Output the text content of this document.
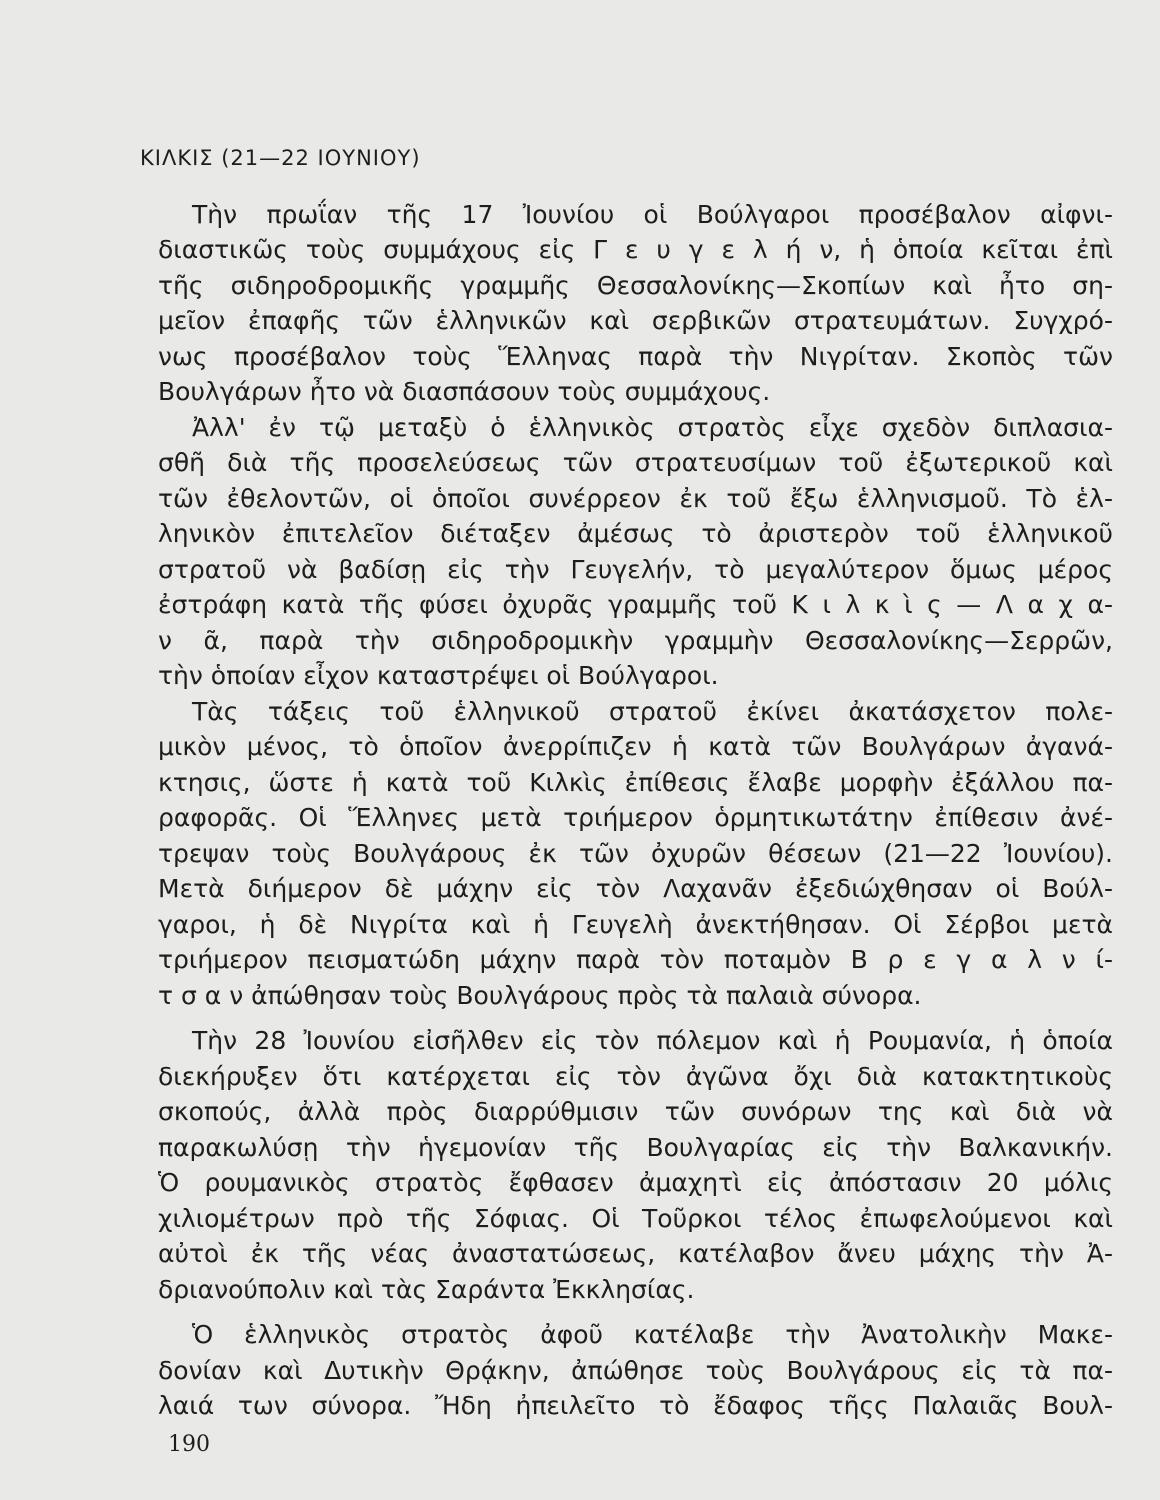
ΚΙΛΚΙΣ (21—22 ΙΟΥΝΙΟΥ)
Τὴν πρωΐαν τῆς 17 Ἰουνίου οἱ Βούλγαροι προσέβαλον αἰφνι-
διαστικῶς τοὺς συμμάχους εἰς Γ ε υ γ ε λ ή ν, ἡ ὁποία κεῖται ἐπὶ
τῆς σιδηροδρομικῆς γραμμῆς Θεσσαλονίκης—Σκοπίων καὶ ἦτο ση-
μεῖον ἐπαφῆς τῶν ἑλληνικῶν καὶ σερβικῶν στρατευμάτων. Συγχρό-
νως προσέβαλον τοὺς Ἕλληνας παρὰ τὴν Νιγρίταν. Σκοπὸς τῶν
Βουλγάρων ἦτο νὰ διασπάσουν τοὺς συμμάχους.
Ἀλλ' ἐν τῷ μεταξὺ ὁ ἑλληνικὸς στρατὸς εἶχε σχεδὸν διπλασια-
σθῆ διὰ τῆς προσελεύσεως τῶν στρατευσίμων τοῦ ἐξωτερικοῦ καὶ
τῶν ἐθελοντῶν, οἱ ὁποῖοι συνέρρεον ἐκ τοῦ ἔξω ἑλληνισμοῦ. Τὸ ἑλ-
ληνικὸν ἐπιτελεῖον διέταξεν ἀμέσως τὸ ἀριστερὸν τοῦ ἑλληνικοῦ
στρατοῦ νὰ βαδίσῃ εἰς τὴν Γευγελήν, τὸ μεγαλύτερον ὅμως μέρος
ἐστράφη κατὰ τῆς φύσει ὀχυρᾶς γραμμῆς τοῦ Κ ι λ κ ὶ ς — Λ α χ α-
ν ᾶ, παρὰ τὴν σιδηροδρομικὴν γραμμὴν Θεσσαλονίκης—Σερρῶν,
τὴν ὁποίαν εἶχον καταστρέψει οἱ Βούλγαροι.
Τὰς τάξεις τοῦ ἑλληνικοῦ στρατοῦ ἐκίνει ἀκατάσχετον πολε-
μικὸν μένος, τὸ ὁποῖον ἀνερρίπιζεν ἡ κατὰ τῶν Βουλγάρων ἀγανά-
κτησις, ὥστε ἡ κατὰ τοῦ Κιλκὶς ἐπίθεσις ἔλαβε μορφὴν ἐξάλλου πα-
ραφορᾶς. Οἱ Ἕλληνες μετὰ τριήμερον ὁρμητικωτάτην ἐπίθεσιν ἀνέ-
τρεψαν τοὺς Βουλγάρους ἐκ τῶν ὀχυρῶν θέσεων (21—22 Ἰουνίου).
Μετὰ διήμερον δὲ μάχην εἰς τὸν Λαχανᾶν ἐξεδιώχθησαν οἱ Βούλ-
γαροι, ἡ δὲ Νιγρίτα καὶ ἡ Γευγελὴ ἀνεκτήθησαν. Οἱ Σέρβοι μετὰ
τριήμερον πεισματώδη μάχην παρὰ τὸν ποταμὸν Β ρ ε γ α λ ν ί-
τ σ α ν ἀπώθησαν τοὺς Βουλγάρους πρὸς τὰ παλαιὰ σύνορα.
Τὴν 28 Ἰουνίου εἰσῆλθεν εἰς τὸν πόλεμον καὶ ἡ Ρουμανία, ἡ ὁποία
διεκήρυξεν ὅτι κατέρχεται εἰς τὸν ἀγῶνα ὄχι διὰ κατακτητικοὺς
σκοπούς, ἀλλὰ πρὸς διαρρύθμισιν τῶν συνόρων της καὶ διὰ νὰ
παρακωλύσῃ τὴν ἡγεμονίαν τῆς Βουλγαρίας εἰς τὴν Βαλκανικήν.
Ὁ ρουμανικὸς στρατὸς ἔφθασεν ἀμαχητὶ εἰς ἀπόστασιν 20 μόλις
χιλιομέτρων πρὸ τῆς Σόφιας. Οἱ Τοῦρκοι τέλος ἐπωφελούμενοι καὶ
αὐτοὶ ἐκ τῆς νέας ἀναστατώσεως, κατέλαβον ἄνευ μάχης τὴν Ἀ-
δριανούπολιν καὶ τὰς Σαράντα Ἐκκλησίας.
Ὁ ἑλληνικὸς στρατὸς ἀφοῦ κατέλαβε τὴν Ἀνατολικὴν Μακε-
δονίαν καὶ Δυτικὴν Θρᾴκην, ἀπώθησε τοὺς Βουλγάρους εἰς τὰ πα-
λαιά των σύνορα. Ἤδη ἠπειλεῖτο τὸ ἔδαφος τῆςς Παλαιᾶς Βουλ-
190
